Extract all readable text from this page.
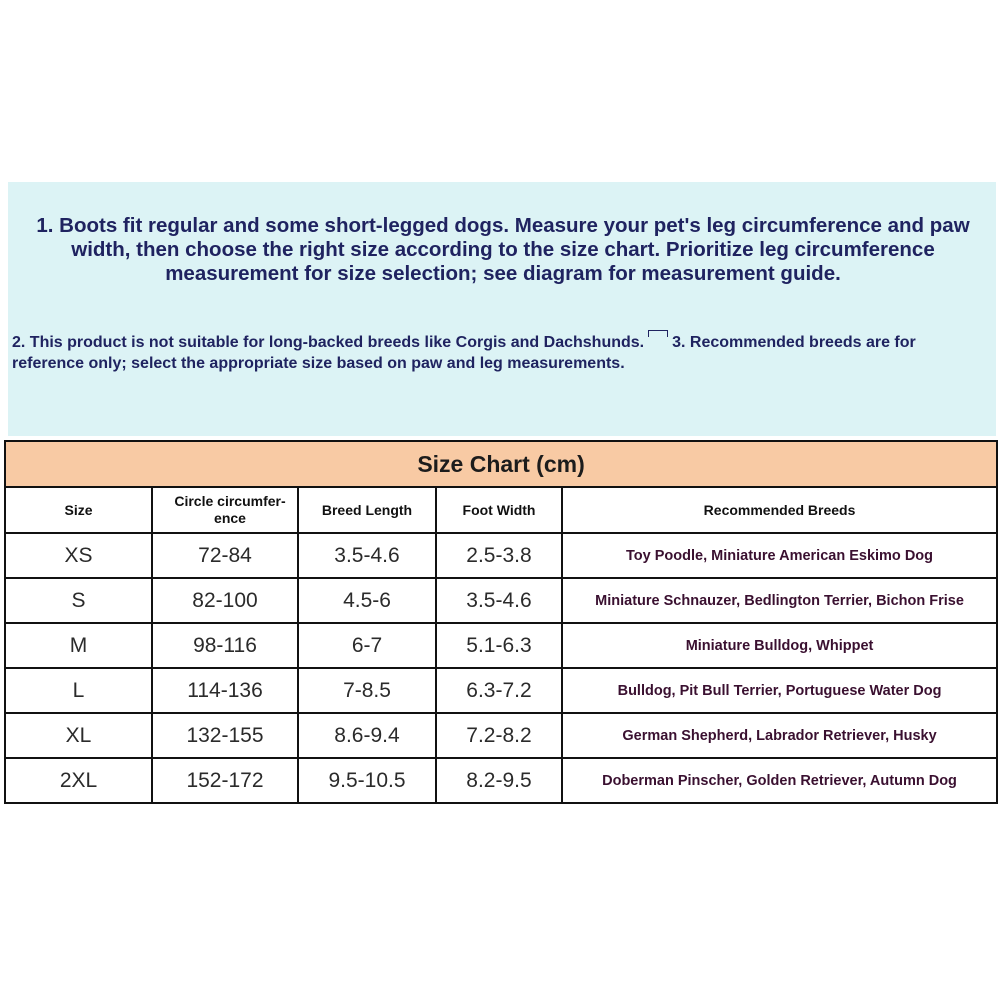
1. Boots fit regular and some short-legged dogs. Measure your pet's leg circumference and paw width, then choose the right size according to the size chart. Prioritize leg circumference measurement for size selection; see diagram for measurement guide.
2. This product is not suitable for long-backed breeds like Corgis and Dachshunds. 3. Recommended breeds are for reference only; select the appropriate size based on paw and leg measurements.
Size Chart (cm)				
Size	Circle circumfer-ence	Breed Length	Foot Width	Recommended Breeds
XS	72-84	3.5-4.6	2.5-3.8	Toy Poodle, Miniature American Eskimo Dog
S	82-100	4.5-6	3.5-4.6	Miniature Schnauzer, Bedlington Terrier, Bichon Frise
M	98-116	6-7	5.1-6.3	Miniature Bulldog, Whippet
L	114-136	7-8.5	6.3-7.2	Bulldog, Pit Bull Terrier, Portuguese Water Dog
XL	132-155	8.6-9.4	7.2-8.2	German Shepherd, Labrador Retriever, Husky
2XL	152-172	9.5-10.5	8.2-9.5	Doberman Pinscher, Golden Retriever, Autumn Dog
